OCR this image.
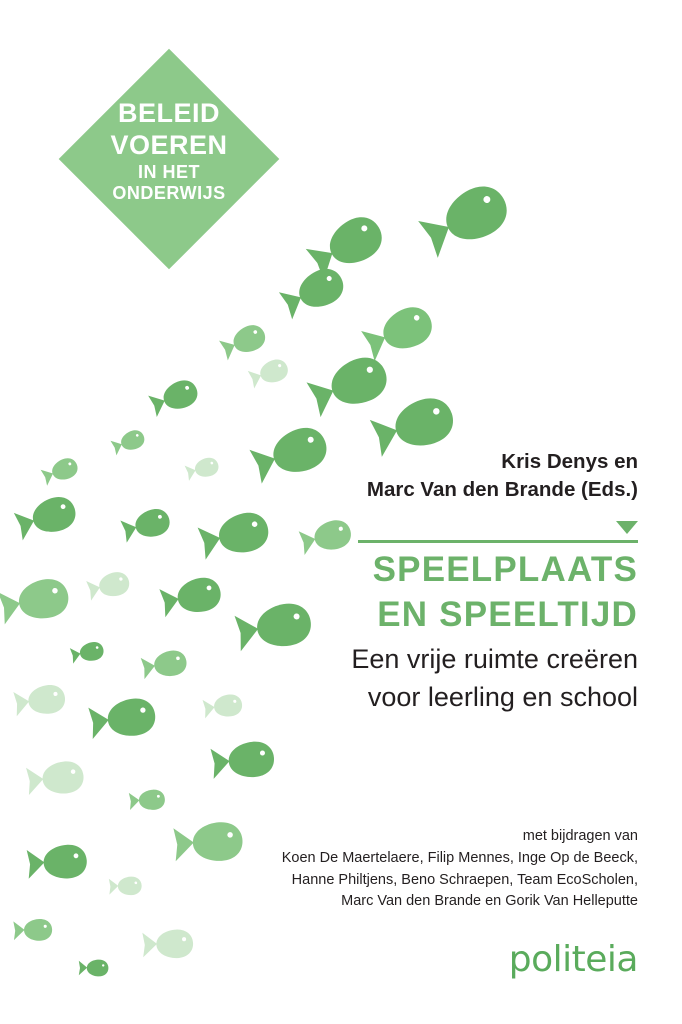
BELEID
VOEREN
IN HET
ONDERWIJS
Kris Denys en
Marc Van den Brande (Eds.)
SPEELPLAATS
EN SPEELTIJD
Een vrije ruimte creëren
voor leerling en school
met bijdragen van
Koen De Maertelaere, Filip Mennes, Inge Op de Beeck,
Hanne Philtjens, Beno Schraepen, Team EcoScholen,
Marc Van den Brande en Gorik Van Helleputte
politeia
